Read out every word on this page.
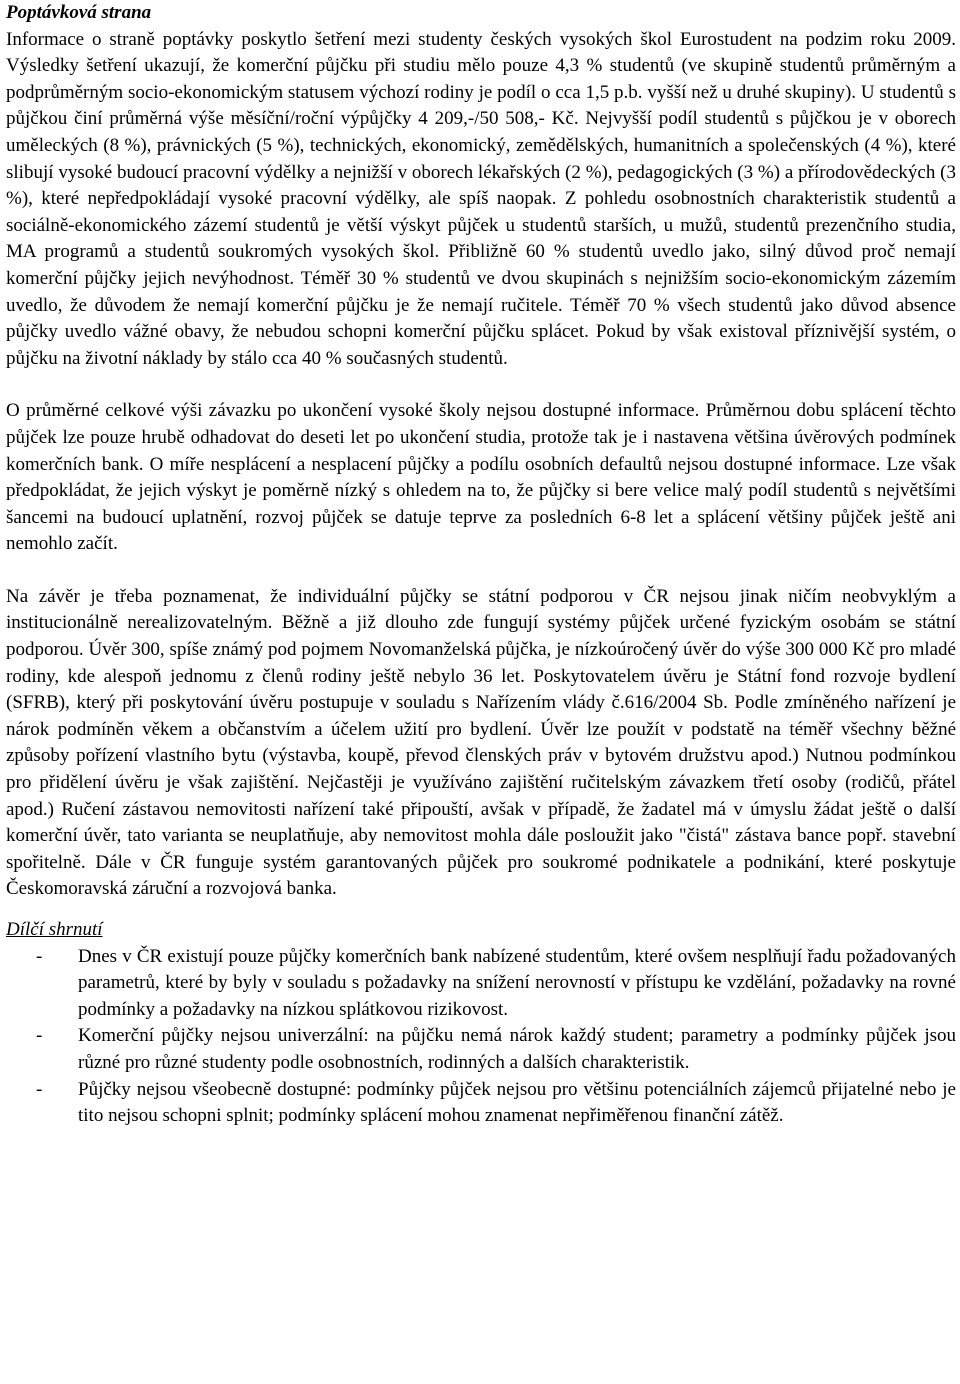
Poptávková strana

Informace o straně poptávky poskytlo šetření mezi studenty českých vysokých škol Eurostudent na podzim roku 2009. Výsledky šetření ukazují, že komerční půjčku při studiu mělo pouze 4,3 % studentů (ve skupině studentů průměrným a podprůměrným socio-ekonomickým statusem výchozí rodiny je podíl o cca 1,5 p.b. vyšší než u druhé skupiny). U studentů s půjčkou činí průměrná výše měsíční/roční výpůjčky 4 209,-/50 508,- Kč. Nejvyšší podíl studentů s půjčkou je v oborech uměleckých (8 %), právnických (5 %), technických, ekonomický, zemědělských, humanitních a společenských (4 %), které slibují vysoké budoucí pracovní výdělky a nejnižší v oborech lékařských (2 %), pedagogických (3 %) a přírodovědeckých (3 %), které nepředpokládají vysoké pracovní výdělky, ale spíš naopak. Z pohledu osobnostních charakteristik studentů a sociálně-ekonomického zázemí studentů je větší výskyt půjček u studentů starších, u mužů, studentů prezenčního studia, MA programů a studentů soukromých vysokých škol. Přibližně 60 % studentů uvedlo jako, silný důvod proč nemají komerční půjčky jejich nevýhodnost. Téměř 30 % studentů ve dvou skupinách s nejnižším socio-ekonomickým zázemím uvedlo, že důvodem že nemají komerční půjčku je že nemají ručitele. Téměř 70 % všech studentů jako důvod absence půjčky uvedlo vážné obavy, že nebudou schopni komerční půjčku splácet. Pokud by však existoval příznivější systém, o půjčku na životní náklady by stálo cca 40 % současných studentů.

O průměrné celkové výši závazku po ukončení vysoké školy nejsou dostupné informace. Průměrnou dobu splácení těchto půjček lze pouze hrubě odhadovat do deseti let po ukončení studia, protože tak je i nastavena většina úvěrových podmínek komerčních bank. O míře nesplácení a nesplacení půjčky a podílu osobních defaultů nejsou dostupné informace. Lze však předpokládat, že jejich výskyt je poměrně nízký s ohledem na to, že půjčky si bere velice malý podíl studentů s největšími šancemi na budoucí uplatnění, rozvoj půjček se datuje teprve za posledních 6-8 let a splácení většiny půjček ještě ani nemohlo začít.

Na závěr je třeba poznamenat, že individuální půjčky se státní podporou v ČR nejsou jinak ničím neobvyklým a institucionálně nerealizovatelným. Běžně a již dlouho zde fungují systémy půjček určené fyzickým osobám se státní podporou. Úvěr 300, spíše známý pod pojmem Novomanželská půjčka, je nízkoúročený úvěr do výše 300 000 Kč pro mladé rodiny, kde alespoň jednomu z členů rodiny ještě nebylo 36 let. Poskytovatelem úvěru je Státní fond rozvoje bydlení (SFRB), který při poskytování úvěru postupuje v souladu s Nařízením vlády č.616/2004 Sb. Podle zmíněného nařízení je nárok podmíněn věkem a občanstvím a účelem užití pro bydlení. Úvěr lze použít v podstatě na téměř všechny běžné způsoby pořízení vlastního bytu (výstavba, koupě, převod členských práv v bytovém družstvu apod.) Nutnou podmínkou pro přidělení úvěru je však zajištění. Nejčastěji je využíváno zajištění ručitelským závazkem třetí osoby (rodičů, přátel apod.) Ručení zástavou nemovitosti nařízení také připouští, avšak v případě, že žadatel má v úmyslu žádat ještě o další komerční úvěr, tato varianta se neuplatňuje, aby nemovitost mohla dále posloužit jako "čistá" zástava bance popř. stavební spořitelně. Dále v ČR funguje systém garantovaných půjček pro soukromé podnikatele a podnikání, které poskytuje Českomoravská záruční a rozvojová banka.

Dílčí shrnutí

- Dnes v ČR existují pouze půjčky komerčních bank nabízené studentům, které ovšem nesplňují řadu požadovaných parametrů, které by byly v souladu s požadavky na snížení nerovností v přístupu ke vzdělání, požadavky na rovné podmínky a požadavky na nízkou splátkovou rizikovost.
- Komerční půjčky nejsou univerzální: na půjčku nemá nárok každý student; parametry a podmínky půjček jsou různé pro různé studenty podle osobnostních, rodinných a dalších charakteristik.
- Půjčky nejsou všeobecně dostupné: podmínky půjček nejsou pro většinu potenciálních zájemců přijatelné nebo je tito nejsou schopni splnit; podmínky splácení mohou znamenat nepřiměřenou finanční zátěž.
